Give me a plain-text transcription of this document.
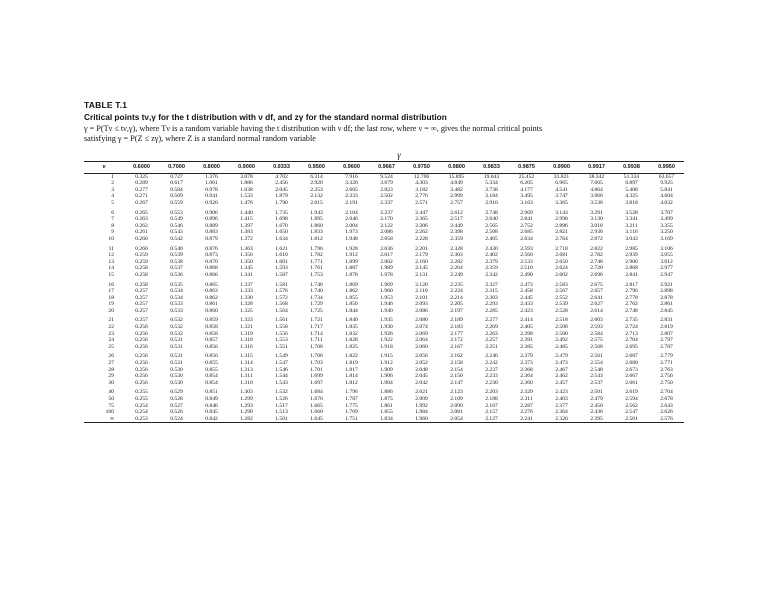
TABLE T.1

Critical points tν,γ for the t distribution with ν df, and zγ for the standard normal distribution

γ = P(Tν ≤ tν,γ), where Tν is a random variable having the t distribution with ν df; the last row, where ν = ∞, gives the normal critical points

satisfying γ = P(Z ≤ zγ), where Z is a standard normal random variable

γ
ν	0.6000	0.7000	0.8000	0.9000	0.9333	0.9500	0.9600	0.9667	0.9750	0.9800	0.9833	0.9875	0.9900	0.9917	0.9938	0.9950
1	0.325	0.727	1.376	3.078	4.702	6.314	7.916	9.524	12.706	15.895	19.043	25.452	31.821	38.342	51.334	63.657
2	0.289	0.617	1.061	1.886	2.456	2.920	3.320	3.679	4.303	4.849	5.334	6.205	6.965	7.665	8.897	9.925
3	0.277	0.584	0.978	1.638	2.045	2.353	2.605	2.823	3.182	3.482	3.738	4.177	4.541	4.864	5.408	5.841
4	0.271	0.569	0.941	1.533	1.879	2.132	2.333	2.502	2.776	2.999	3.184	3.495	3.747	3.966	4.325	4.604
5	0.267	0.559	0.920	1.476	1.790	2.015	2.191	2.337	2.571	2.757	2.910	3.163	3.365	3.538	3.818	4.032
6	0.265	0.553	0.906	1.440	1.735	1.943	2.104	2.237	2.447	2.612	2.748	2.969	3.143	3.291	3.528	3.707
7	0.263	0.549	0.896	1.415	1.698	1.895	2.046	2.170	2.365	2.517	2.640	2.841	2.998	3.130	3.341	3.499
8	0.262	0.546	0.889	1.397	1.670	1.860	2.004	2.122	2.306	2.449	2.565	2.752	2.896	3.018	3.211	3.355
9	0.261	0.543	0.883	1.383	1.650	1.833	1.973	2.086	2.262	2.398	2.508	2.685	2.821	2.936	3.116	3.250
10	0.260	0.542	0.879	1.372	1.634	1.812	1.948	2.058	2.228	2.359	2.465	2.634	2.764	2.872	3.043	3.169
11	0.260	0.540	0.876	1.363	1.621	1.796	1.928	2.036	2.201	2.328	2.430	2.593	2.718	2.822	2.985	3.106
12	0.259	0.539	0.873	1.356	1.610	1.782	1.912	2.017	2.179	2.303	2.402	2.560	2.681	2.782	2.939	3.055
13	0.259	0.538	0.870	1.350	1.601	1.771	1.899	2.002	2.160	2.282	2.379	2.533	2.650	2.748	2.900	3.012
14	0.258	0.537	0.868	1.345	1.593	1.761	1.887	1.989	2.145	2.264	2.359	2.510	2.624	2.720	2.868	2.977
15	0.258	0.536	0.866	1.341	1.587	1.753	1.878	1.978	2.131	2.249	2.342	2.490	2.602	2.696	2.841	2.947
16	0.258	0.535	0.865	1.337	1.581	1.746	1.869	1.969	2.120	2.235	2.327	2.473	2.583	2.675	2.817	2.921
17	0.257	0.534	0.863	1.333	1.576	1.740	1.862	1.960	2.110	2.224	2.315	2.458	2.567	2.657	2.796	2.898
18	0.257	0.534	0.862	1.330	1.572	1.734	1.855	1.953	2.101	2.214	2.303	2.445	2.552	2.641	2.778	2.878
19	0.257	0.533	0.861	1.328	1.568	1.729	1.850	1.946	2.093	2.205	2.293	2.433	2.539	2.627	2.762	2.861
20	0.257	0.533	0.860	1.325	1.564	1.725	1.844	1.940	2.086	2.197	2.285	2.423	2.528	2.614	2.748	2.845
21	0.257	0.532	0.859	1.323	1.561	1.721	1.840	1.935	2.080	2.189	2.277	2.414	2.518	2.603	2.735	2.831
22	0.256	0.532	0.858	1.321	1.558	1.717	1.835	1.930	2.074	2.183	2.269	2.405	2.508	2.593	2.724	2.819
23	0.256	0.532	0.858	1.319	1.556	1.714	1.832	1.926	2.069	2.177	2.263	2.398	2.500	2.584	2.713	2.807
24	0.256	0.531	0.857	1.318	1.553	1.711	1.828	1.922	2.064	2.172	2.257	2.391	2.492	2.575	2.704	2.797
25	0.256	0.531	0.856	1.316	1.551	1.708	1.825	1.918	2.060	2.167	2.251	2.385	2.485	2.568	2.695	2.787
26	0.256	0.531	0.856	1.315	1.549	1.706	1.822	1.915	2.056	2.162	2.246	2.379	2.479	2.561	2.687	2.779
27	0.256	0.531	0.855	1.314	1.547	1.703	1.819	1.912	2.052	2.158	2.242	2.373	2.473	2.554	2.680	2.771
28	0.256	0.530	0.855	1.313	1.546	1.701	1.817	1.909	2.048	2.154	2.237	2.368	2.467	2.548	2.673	2.763
29	0.256	0.530	0.854	1.311	1.544	1.699	1.814	1.906	2.045	2.150	2.233	2.364	2.462	2.543	2.667	2.756
30	0.256	0.530	0.854	1.310	1.543	1.697	1.812	1.904	2.042	2.147	2.230	2.360	2.457	2.537	2.661	2.750
40	0.255	0.529	0.851	1.303	1.532	1.684	1.796	1.886	2.021	2.123	2.203	2.329	2.423	2.501	2.619	2.704
50	0.255	0.528	0.849	1.299	1.526	1.676	1.787	1.875	2.009	2.109	2.188	2.311	2.403	2.479	2.594	2.678
75	0.254	0.527	0.846	1.293	1.517	1.665	1.775	1.861	1.992	2.090	2.167	2.287	2.377	2.450	2.562	2.643
100	0.254	0.526	0.845	1.290	1.513	1.660	1.769	1.855	1.984	2.081	2.157	2.276	2.364	2.436	2.547	2.626
∞	0.253	0.524	0.842	1.282	1.501	1.645	1.751	1.834	1.960	2.054	2.127	2.241	2.326	2.395	2.501	2.576
